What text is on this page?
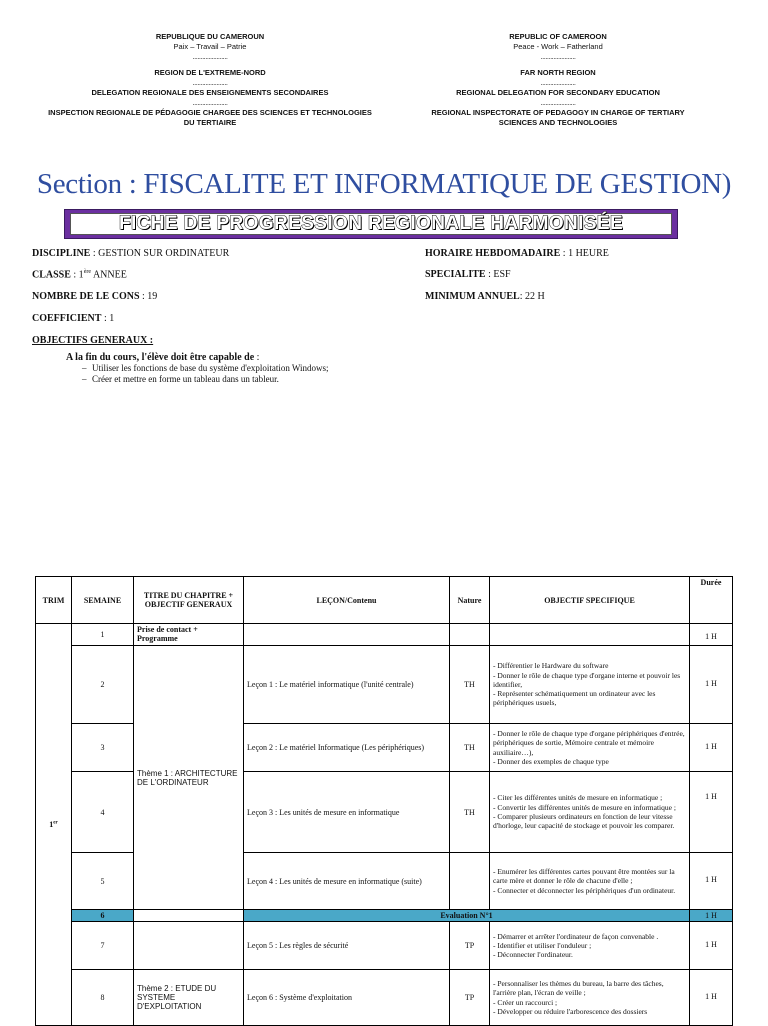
REPUBLIQUE DU CAMEROUN
Paix – Travail – Patrie
......................
REGION DE L'EXTREME-NORD
......................
DELEGATION REGIONALE DES ENSEIGNEMENTS SECONDAIRES
......................
INSPECTION REGIONALE DE PÉDAGOGIE CHARGEE DES SCIENCES ET TECHNOLOGIES
DU TERTIAIRE
REPUBLIC OF CAMEROON
Peace - Work – Fatherland
......................
FAR NORTH REGION
......................
REGIONAL DELEGATION FOR SECONDARY EDUCATION
......................
REGIONAL INSPECTORATE OF PEDAGOGY IN CHARGE OF TERTIARY
SCIENCES AND TECHNOLOGIES
Section : FISCALITE ET INFORMATIQUE DE GESTION)
FICHE DE PROGRESSION REGIONALE HARMONISÉE
DISCIPLINE : GESTION SUR ORDINATEUR	HORAIRE HEBDOMADAIRE : 1 HEURE
CLASSE : 1ère ANNEE	SPECIALITE : ESF
NOMBRE DE LE CONS : 19	MINIMUM ANNUEL: 22 H
COEFFICIENT : 1
OBJECTIFS GENERAUX :
A la fin du cours, l'élève doit être capable de :
– Utiliser les fonctions de base du système d'exploitation Windows;
– Créer et mettre en forme un tableau dans un tableur.
TRIM	SEMAINE	TITRE DU CHAPITRE + OBJECTIF GENERAUX	LEÇON/Contenu	Nature	OBJECTIF SPECIFIQUE	Durée
1er	1	Prise de contact + Programme				1 H
	2	Thème 1 : ARCHITECTURE DE L'ORDINATEUR	Leçon 1 : Le matériel informatique (l'unité centrale)	TH	- Différentier le Hardware du software
- Donner le rôle de chaque type d'organe interne et pouvoir les identifier,
- Représenter schématiquement un ordinateur avec les périphériques usuels,	1 H
	3		Leçon 2 : Le matériel Informatique (Les périphériques)	TH	- Donner le rôle de chaque type d'organe périphériques d'entrée, périphériques de sortie, Mémoire centrale et mémoire auxiliaire…),
- Donner des exemples de chaque type	1 H
	4		Leçon 3 : Les unités de mesure en informatique	TH	- Citer les différentes unités de mesure en informatique ;
- Convertir les différentes unités de mesure en informatique ;
- Comparer plusieurs ordinateurs en fonction de leur vitesse d'horloge, leur capacité de stockage et pouvoir les comparer.	1 H
	5		Leçon 4 : Les unités de mesure en informatique (suite)		- Enumérer les différentes cartes pouvant être montées sur la carte mère et donner le rôle de chacune d'elle ;
- Connecter et déconnecter les périphériques d'un ordinateur.	1 H
	6		Evaluation N°1			1 H
	7		Leçon 5 : Les règles de sécurité	TP	- Démarrer et arrêter l'ordinateur de façon convenable .
- Identifier et utiliser l'onduleur ;
- Déconnecter l'ordinateur.	1 H
	8	Thème 2 : ETUDE DU SYSTEME D'EXPLOITATION	Leçon 6 : Système d'exploitation	TP	- Personnaliser les thèmes du bureau, la barre des tâches, l'arrière plan, l'écran de veille ;
- Créer un raccourci ;
- Développer ou réduire l'arborescence des dossiers	1 H
